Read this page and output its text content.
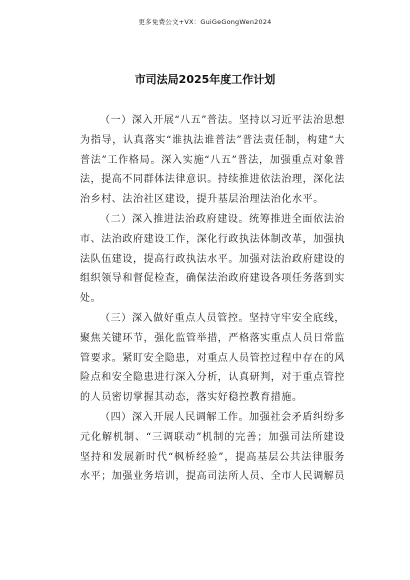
更多免费公文+VX：GuiGeGongWen2024
市司法局2025年度工作计划

（一）深入开展“八五”普法。坚持以习近平法治思想为指导，认真落实“谁执法谁普法”普法责任制，构建“大普法”工作格局。深入实施“八五”普法，加强重点对象普法，提高不同群体法律意识。持续推进依法治理，深化法治乡村、法治社区建设，提升基层治理法治化水平。

（二）深入推进法治政府建设。统筹推进全面依法治市、法治政府建设工作，深化行政执法体制改革，加强执法队伍建设，提高行政执法水平。加强对法治政府建设的组织领导和督促检查，确保法治政府建设各项任务落到实处。

（三）深入做好重点人员管控。坚持守牢安全底线，聚焦关键环节，强化监管举措，严格落实重点人员日常监管要求。紧盯安全隐患，对重点人员管控过程中存在的风险点和安全隐患进行深入分析，认真研判，对于重点管控的人员密切掌握其动态，落实好稳控教育措施。

（四）深入开展人民调解工作。加强社会矛盾纠纷多元化解机制、“三调联动”机制的完善；加强司法所建设坚持和发展新时代“枫桥经验”，提高基层公共法律服务水平；加强业务培训，提高司法所人员、全市人民调解员
